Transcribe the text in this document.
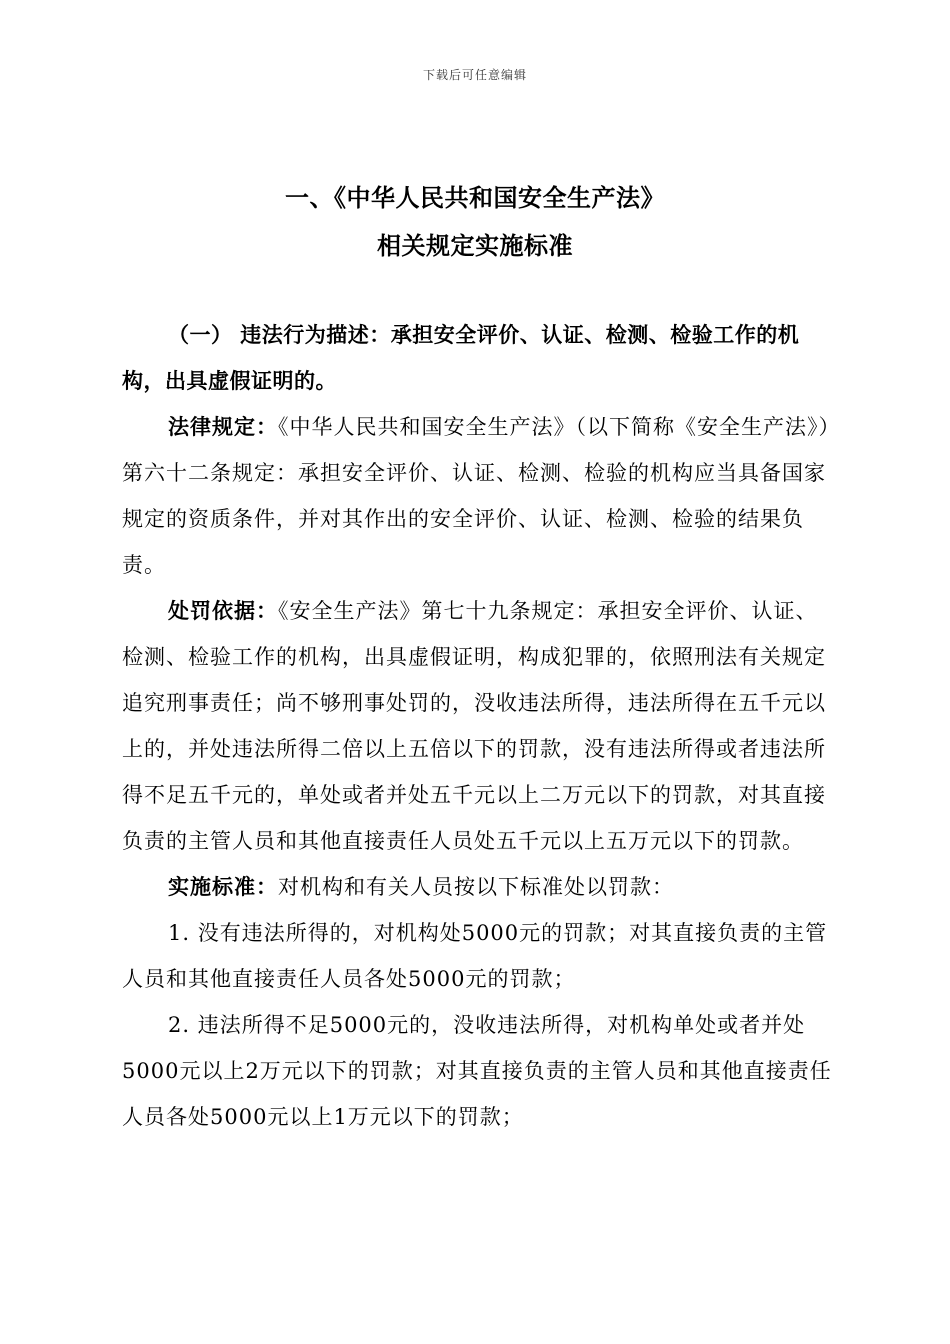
下载后可任意编辑
一、《中华人民共和国安全生产法》
相关规定实施标准

（一） 违法行为描述：承担安全评价、认证、检测、检验工作的机构，出具虚假证明的。

法律规定：《中华人民共和国安全生产法》（以下简称《安全生产法》）第六十二条规定：承担安全评价、认证、检测、检验的机构应当具备国家规定的资质条件，并对其作出的安全评价、认证、检测、检验的结果负责。

处罚依据：《安全生产法》第七十九条规定：承担安全评价、认证、检测、检验工作的机构，出具虚假证明，构成犯罪的，依照刑法有关规定追究刑事责任；尚不够刑事处罚的，没收违法所得，违法所得在五千元以上的，并处违法所得二倍以上五倍以下的罚款，没有违法所得或者违法所得不足五千元的，单处或者并处五千元以上二万元以下的罚款，对其直接负责的主管人员和其他直接责任人员处五千元以上五万元以下的罚款。

实施标准：对机构和有关人员按以下标准处以罚款：

1. 没有违法所得的，对机构处5000元的罚款；对其直接负责的主管人员和其他直接责任人员各处5000元的罚款；

2. 违法所得不足5000元的，没收违法所得，对机构单处或者并处5000元以上2万元以下的罚款；对其直接负责的主管人员和其他直接责任人员各处5000元以上1万元以下的罚款；
